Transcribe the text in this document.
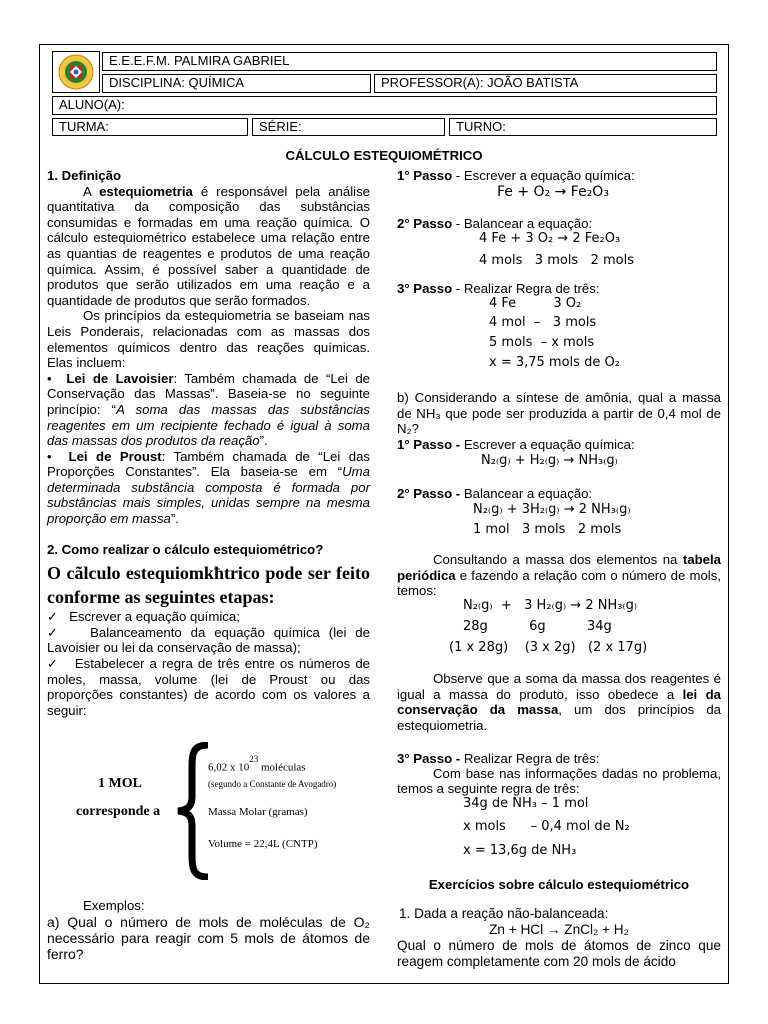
E.E.E.F.M. PALMIRA GABRIEL
DISCIPLINA: QUÍMICA	PROFESSOR(A): JOÃO BATISTA
ALUNO(A):
TURMA:	SÉRIE:	TURNO:
CÁLCULO ESTEQUIOMÉTRICO

1. Definição

A estequiometria é responsável pela análise quantitativa da composição das substâncias consumidas e formadas em uma reação química. O cálculo estequiométrico estabelece uma relação entre as quantias de reagentes e produtos de uma reação química. Assim, é possível saber a quantidade de produtos que serão utilizados em uma reação e a quantidade de produtos que serão formados.

Os princípios da estequiometria se baseiam nas Leis Ponderais, relacionadas com as massas dos elementos químicos dentro das reações químicas. Elas incluem:

•  Lei de Lavoisier: Também chamada de “Lei de Conservação das Massas”. Baseia-se no seguinte princípio: “A soma das massas das substâncias reagentes em um recipiente fechado é igual à soma das massas dos produtos da reação”.

•  Lei de Proust: Também chamada de “Lei das Proporções Constantes”. Ela baseia-se em “Uma determinada substância composta é formada por substâncias mais simples, unidas sempre na mesma proporção em massa”.

2. Como realizar o cálculo estequiométrico?

O cãlculo estequiomkħtrico pode ser feito conforme as seguintes etapas:

✓ Escrever a equação química;

✓ Balanceamento da equação química (lei de Lavoisier ou lei da conservação de massa);

✓ Estabelecer a regra de três entre os números de moles, massa, volume (lei de Proust ou das proporções constantes) de acordo com os valores a seguir:

1 MOL
corresponde a
6,02 x $10^{23}$ moléculas
(segundo a Constante de Avogadro)
Massa Molar (gramas)
Volume = 22,4L (CNTP)

Exemplos:

a) Qual o número de mols de moléculas de O₂ necessário para reagir com 5 mols de átomos de ferro?

1° Passo - Escrever a equação química:

Fe + O₂ → Fe₂O₃

2° Passo - Balancear a equação:

4 Fe + 3 O₂ → 2 Fe₂O₃

4 mols   3 mols   2 mols

3° Passo - Realizar Regra de três:

4 Fe         3 O₂

4 mol  –   3 mols

5 mols  – x mols

x = 3,75 mols de O₂

b) Considerando a síntese de amônia, qual a massa de NH₃ que pode ser produzida a partir de 0,4 mol de N₂?

1° Passo - Escrever a equação química:

N₂₍g₎ + H₂₍g₎ → NH₃₍g₎

2° Passo - Balancear a equação:

N₂₍g₎ + 3H₂₍g₎ → 2 NH₃₍g₎

1 mol   3 mols   2 mols

Consultando a massa dos elementos na tabela periódica e fazendo a relação com o número de mols, temos:

N₂₍g₎  +   3 H₂₍g₎ → 2 NH₃₍g₎

28g          6g          34g

(1 x 28g)    (3 x 2g)   (2 x 17g)

Observe que a soma da massa dos reagentes é igual a massa do produto, isso obedece a lei da conservação da massa, um dos princípios da estequiometria.

3° Passo - Realizar Regra de três:

Com base nas informações dadas no problema, temos a seguinte regra de três:

34g de NH₃ – 1 mol

x mols      – 0,4 mol de N₂

x = 13,6g de NH₃

Exercícios sobre cálculo estequiométrico

1. Dada a reação não-balanceada:

Zn + HCl → ZnCl₂ + H₂

Qual o número de mols de átomos de zinco que reagem completamente com 20 mols de ácido
